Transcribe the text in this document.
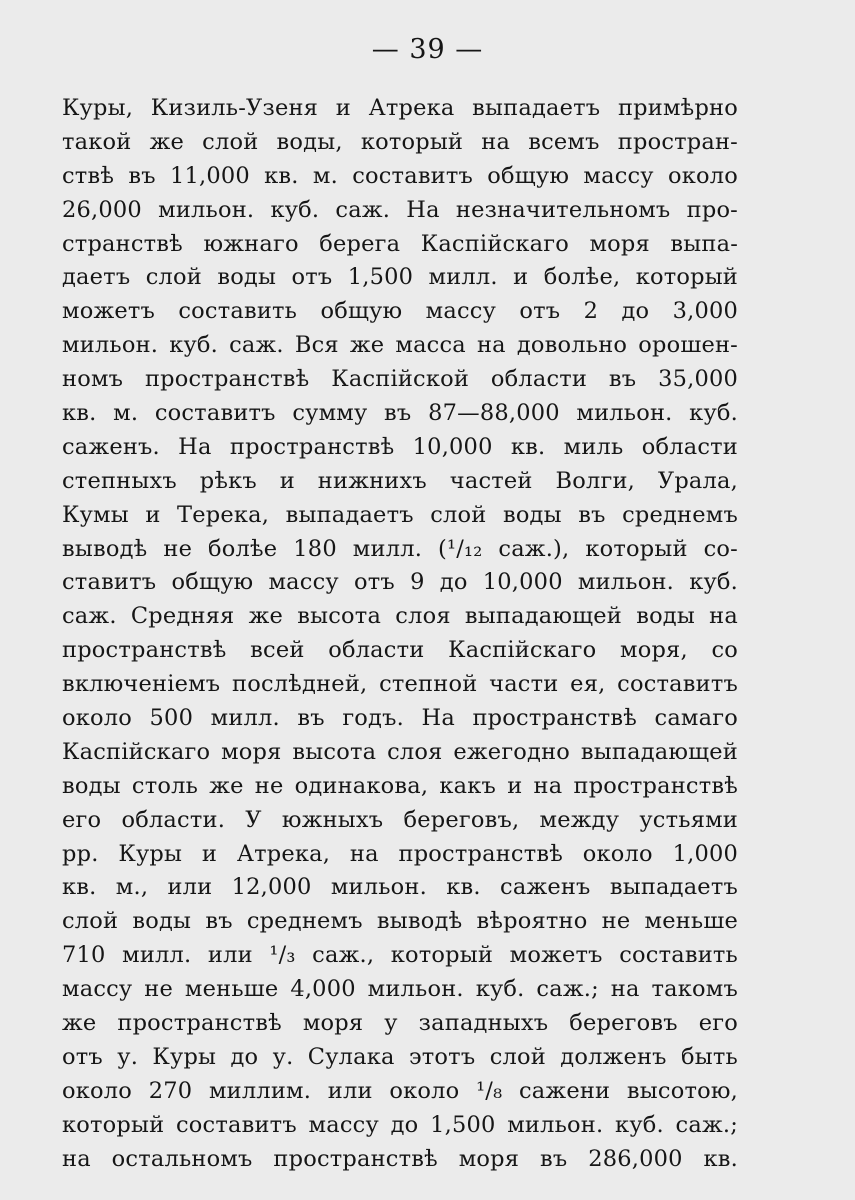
— 39 —
Куры, Кизиль-Узеня и Атрека выпадаетъ примѣрно
такой же слой воды, который на всемъ простран-
ствѣ въ 11,000 кв. м. составитъ общую массу около
26,000 мильон. куб. саж. На незначительномъ про-
странствѣ южнаго берега Каспійскаго моря выпа-
даетъ слой воды отъ 1,500 милл. и болѣе, который
можетъ составить общую массу отъ 2 до 3,000
мильон. куб. саж. Вся же масса на довольно орошен-
номъ пространствѣ Каспійской области въ 35,000
кв. м. составитъ сумму въ 87—88,000 мильон. куб.
саженъ. На пространствѣ 10,000 кв. миль области
степныхъ рѣкъ и нижнихъ частей Волги, Урала,
Кумы и Терека, выпадаетъ слой воды въ среднемъ
выводѣ не болѣе 180 милл. (¹/₁₂ саж.), который со-
ставитъ общую массу отъ 9 до 10,000 мильон. куб.
саж. Средняя же высота слоя выпадающей воды на
пространствѣ всей области Каспійскаго моря, со
включеніемъ послѣдней, степной части ея, составитъ
около 500 милл. въ годъ. На пространствѣ самаго
Каспійскаго моря высота слоя ежегодно выпадающей
воды столь же не одинакова, какъ и на пространствѣ
его области. У южныхъ береговъ, между устьями
рр. Куры и Атрека, на пространствѣ около 1,000
кв. м., или 12,000 мильон. кв. саженъ выпадаетъ
слой воды въ среднемъ выводѣ вѣроятно не меньше
710 милл. или ¹/₃ саж., который можетъ составить
массу не меньше 4,000 мильон. куб. саж.; на такомъ
же пространствѣ моря у западныхъ береговъ его
отъ у. Куры до у. Сулака этотъ слой долженъ быть
около 270 миллим. или около ¹/₈ сажени высотою,
который составитъ массу до 1,500 мильон. куб. саж.;
на остальномъ пространствѣ моря въ 286,000 кв.
